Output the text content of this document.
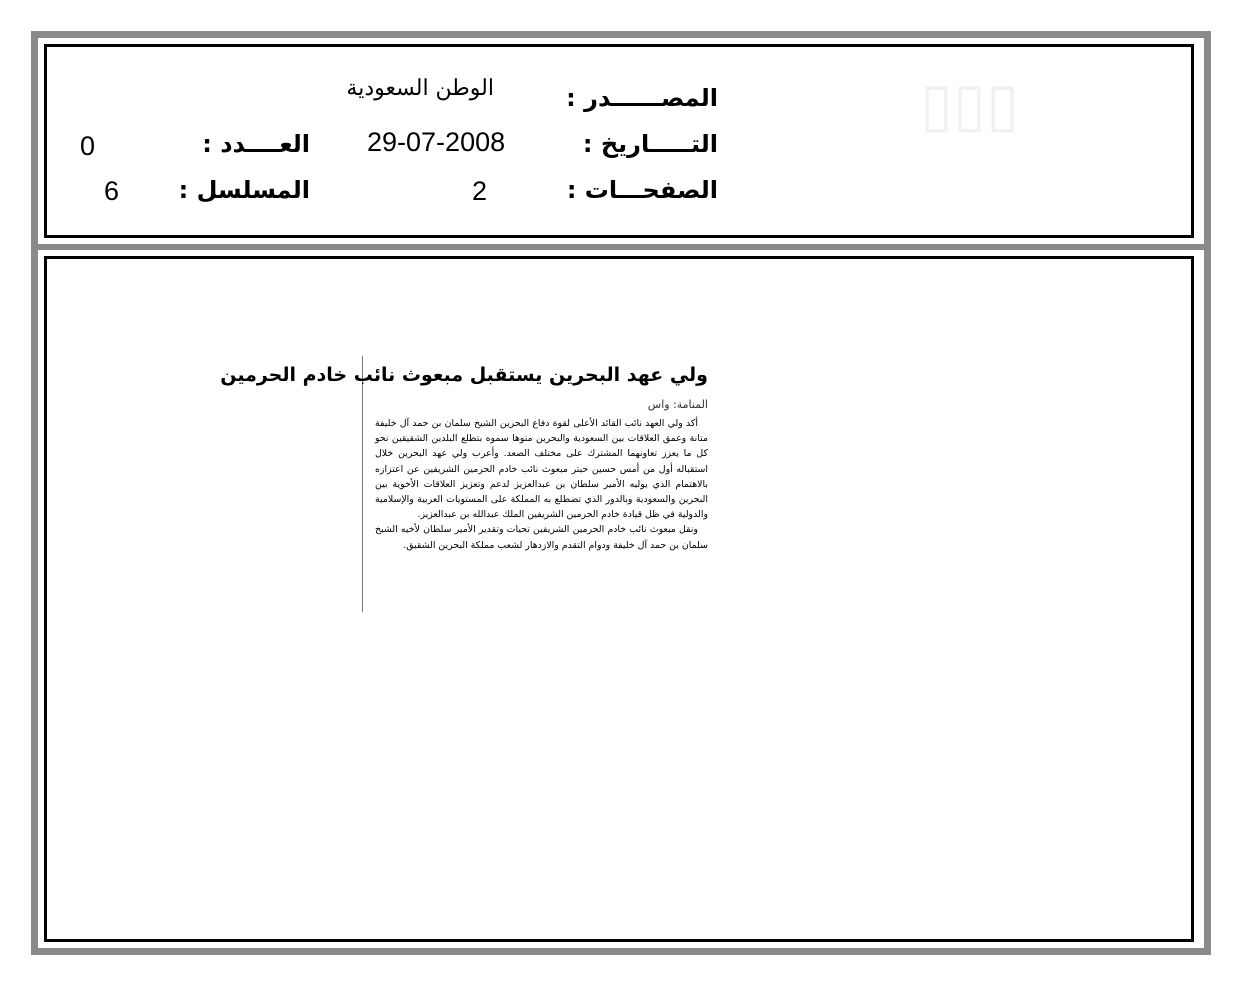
▯▯▯
المصــــــدر :
الوطن السعودية
التـــــاريخ :
29-07-2008
الصفحـــات :
2
العــــدد :
0
المسلسل :
6
ولي عهد البحرين يستقبل مبعوث نائب خادم الحرمين
المنامة: واس

أكد ولي العهد نائب القائد الأعلى لقوة دفاع البحرين الشيخ سلمان بن حمد آل خليفة متانة وعمق العلاقات بين السعودية والبحرين منوها سموه بتطلع البلدين الشقيقين نحو كل ما يعزز تعاونهما المشترك على مختلف الصعد. وأعرب ولي عهد البحرين خلال استقباله أول من أمس حسين حبتر مبعوث نائب خادم الحرمين الشريفين عن اعتزازه بالاهتمام الذي يوليه الأمير سلطان بن عبدالعزيز لدعم وتعزيز العلاقات الأخوية بين البحرين والسعودية وبالدور الذي تضطلع به المملكة على المستويات العربية والإسلامية والدولية في ظل قيادة خادم الحرمين الشريفين الملك عبدالله بن عبدالعزيز.

ونقل مبعوث نائب خادم الحرمين الشريفين تحيات وتقدير الأمير سلطان لأخيه الشيخ سلمان بن حمد آل خليفة ودوام التقدم والازدهار لشعب مملكة البحرين الشقيق.
